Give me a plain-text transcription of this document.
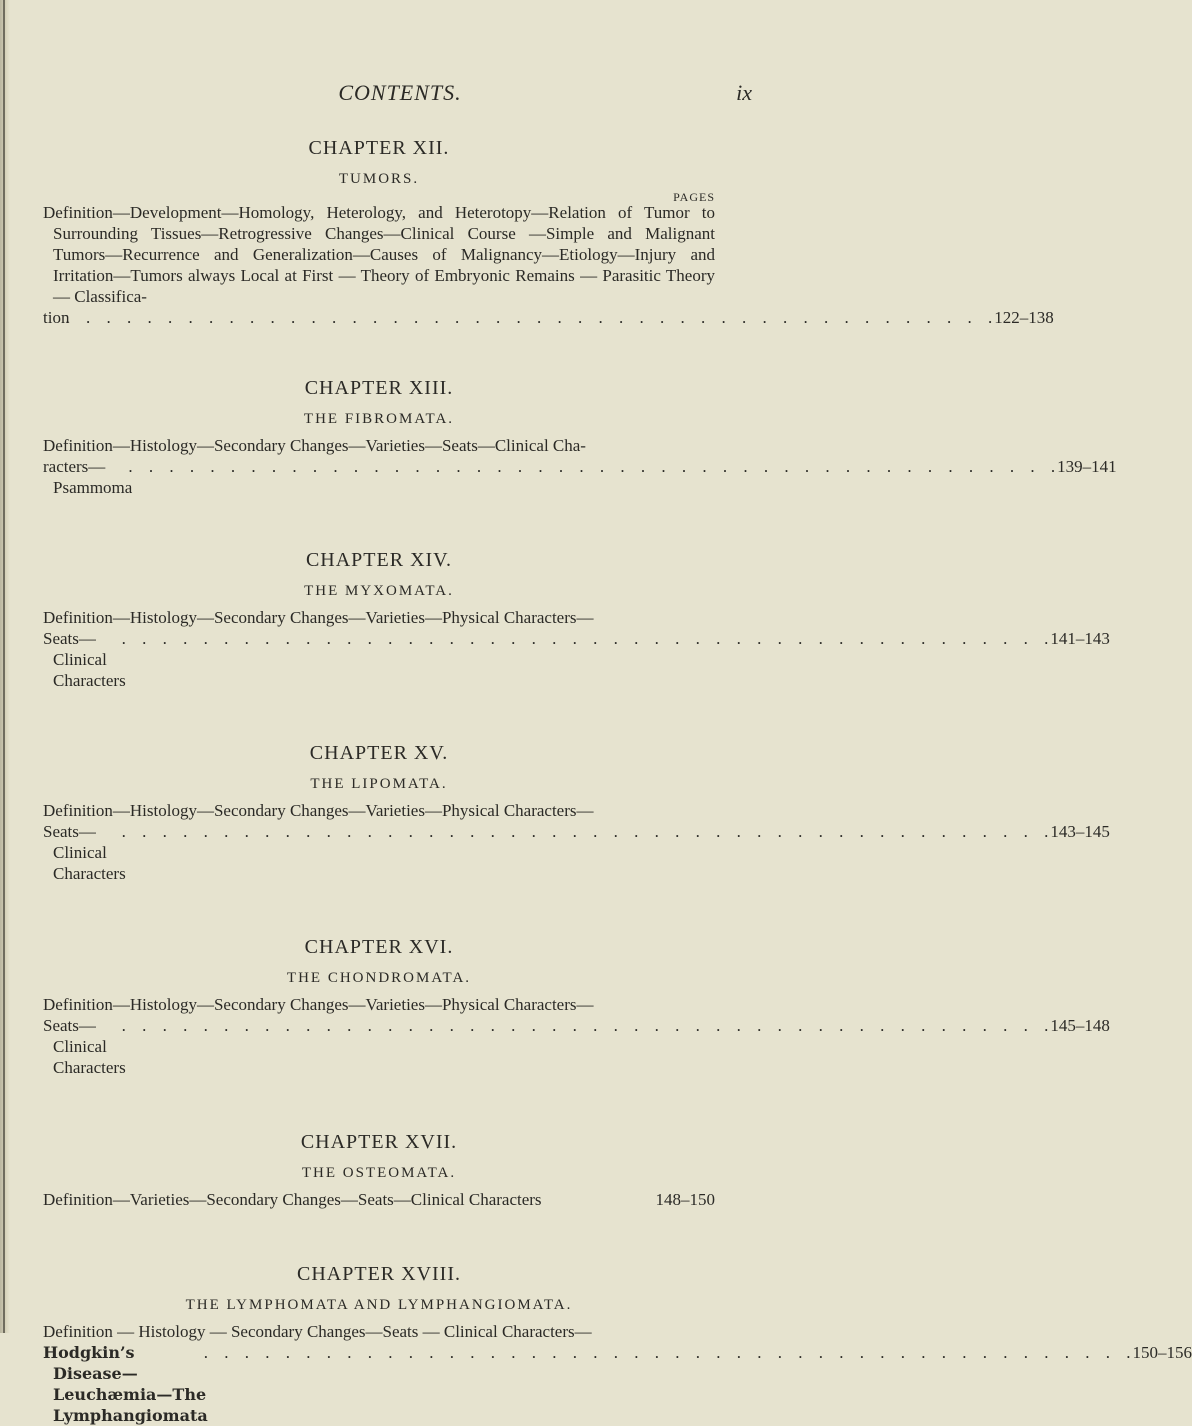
CONTENTS.	ix

CHAPTER XII.

TUMORS.

PAGES

Definition—Development—Homology, Heterology, and Heterotopy—Relation of Tumor to Surrounding Tissues—Retrogressive Changes—Clinical Course —Simple and Malignant Tumors—Recurrence and Generalization—Causes of Malignancy—Etiology—Injury and Irritation—Tumors always Local at First — Theory of Embryonic Remains — Parasitic Theory — Classifica-

tion
. . . . . . . . . . . . . . . . . . . . . . . . . . . . . . . . . . . . . . . . . . . . . .
122–138

CHAPTER XIII.

THE FIBROMATA.

Definition—Histology—Secondary Changes—Varieties—Seats—Clinical Cha-

racters—Psammoma
. . . . . . . . . . . . . . . . . . . . . . . . . . . . . . . . . . . . . . . . . . . . . .
139–141

CHAPTER XIV.

THE MYXOMATA.

Definition—Histology—Secondary Changes—Varieties—Physical Characters—

Seats—Clinical Characters
. . . . . . . . . . . . . . . . . . . . . . . . . . . . . . . . . . . . . . . . . . . . . .
141–143

CHAPTER XV.

THE LIPOMATA.

Definition—Histology—Secondary Changes—Varieties—Physical Characters—

Seats—Clinical Characters
. . . . . . . . . . . . . . . . . . . . . . . . . . . . . . . . . . . . . . . . . . . . . .
143–145

CHAPTER XVI.

THE CHONDROMATA.

Definition—Histology—Secondary Changes—Varieties—Physical Characters—

Seats—Clinical Characters
. . . . . . . . . . . . . . . . . . . . . . . . . . . . . . . . . . . . . . . . . . . . . .
145–148

CHAPTER XVII.

THE OSTEOMATA.

Definition—Varieties—Secondary Changes—Seats—Clinical Characters	148–150

CHAPTER XVIII.

THE LYMPHOMATA AND LYMPHANGIOMATA.

Definition — Histology — Secondary Changes—Seats — Clinical Characters—

Hodgkin’s Disease—Leuchæmia—The Lymphangiomata
. . . . . . . . . . . . . . . . . . . . . . . . . . . . . . . . . . . . . . . . . . . . . .
150–156
